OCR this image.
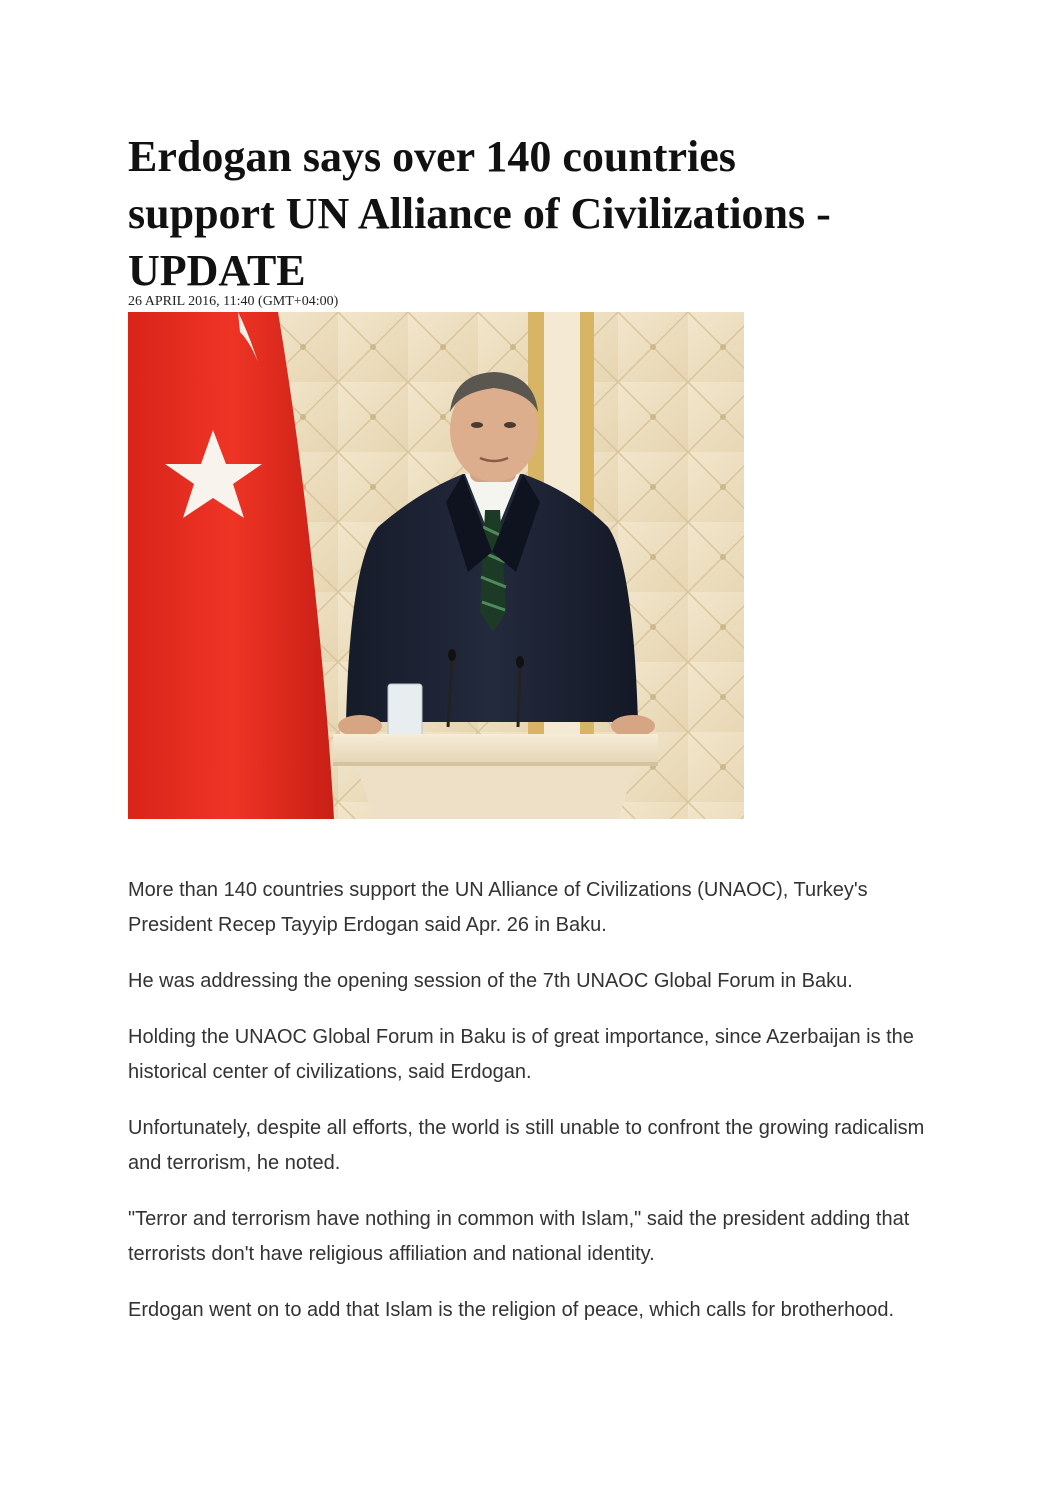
Erdogan says over 140 countries
support UN Alliance of Civilizations -
UPDATE
26 APRIL 2016, 11:40 (GMT+04:00)

More than 140 countries support the UN Alliance of Civilizations (UNAOC), Turkey's President Recep Tayyip Erdogan said Apr. 26 in Baku.

He was addressing the opening session of the 7th UNAOC Global Forum in Baku.

Holding the UNAOC Global Forum in Baku is of great importance, since Azerbaijan is the historical center of civilizations, said Erdogan.

Unfortunately, despite all efforts, the world is still unable to confront the growing radicalism and terrorism, he noted.

"Terror and terrorism have nothing in common with Islam," said the president adding that terrorists don't have religious affiliation and national identity.

Erdogan went on to add that Islam is the religion of peace, which calls for brotherhood.
